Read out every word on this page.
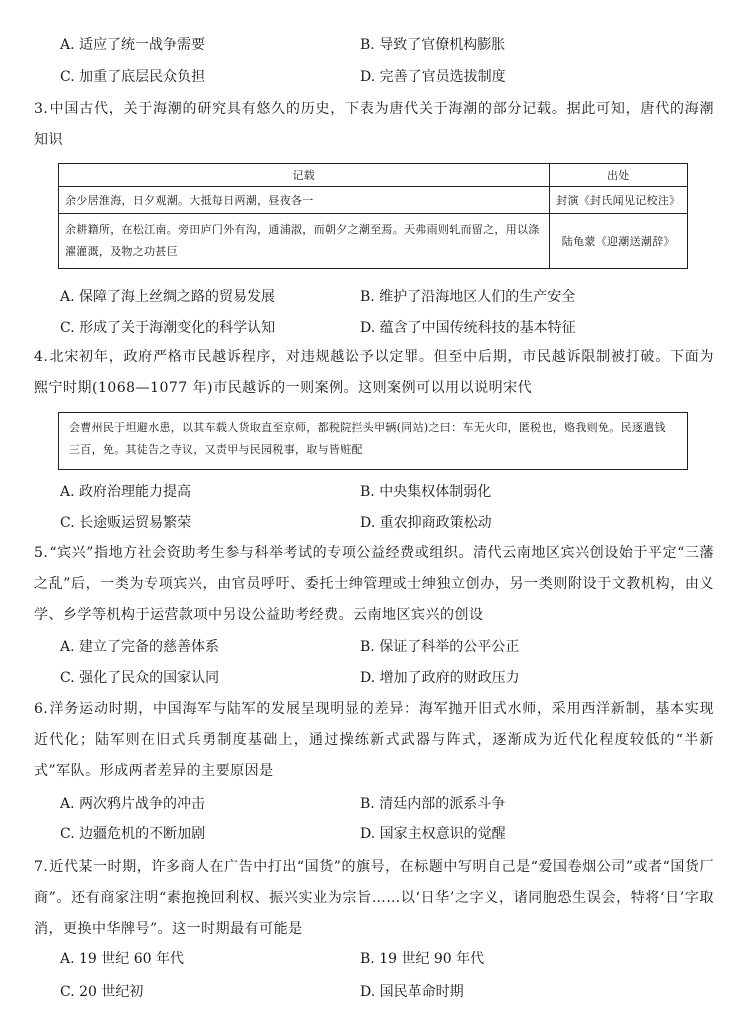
A. 适应了统一战争需要	B. 导致了官僚机构膨胀
C. 加重了底层民众负担	D. 完善了官员选拔制度
3.中国古代，关于海潮的研究具有悠久的历史，下表为唐代关于海潮的部分记载。据此可知，唐代的海潮知识
记载	出处
余少居淮海，日夕观潮。大抵每日两潮，昼夜各一	封演《封氏闻见记校注》
余耕籍所，在松江南。旁田庐门外有沟，通浦淑，而朝夕之潮至焉。天弗雨则轧而留之，用以涤濯灌溉，及物之功甚巨	陆龟蒙《迎潮送潮辞》
A. 保障了海上丝绸之路的贸易发展	B. 维护了沿海地区人们的生产安全
C. 形成了关于海潮变化的科学认知	D. 蕴含了中国传统科技的基本特征
4.北宋初年，政府严格市民越诉程序，对违规越讼予以定罪。但至中后期，市民越诉限制被打破。下面为熙宁时期(1068—1077 年)市民越诉的一则案例。这则案例可以用以说明宋代
会曹州民于坦避水患，以其车载人货取直至京师，都税院拦头甲辆(同站)之曰：车无火印，匿税也，赂我则免。民逐遣钱三百，免。其徒告之寺议，又责甲与民园税事，取与皆赃配
A. 政府治理能力提高	B. 中央集权体制弱化
C. 长途贩运贸易繁荣	D. 重农抑商政策松动
5.“宾兴”指地方社会资助考生参与科举考试的专项公益经费或组织。清代云南地区宾兴创设始于平定“三藩之乱”后，一类为专项宾兴，由官员呼吁、委托士绅管理或士绅独立创办，另一类则附设于文教机构，由义学、乡学等机构于运营款项中另设公益助考经费。云南地区宾兴的创设
A. 建立了完备的慈善体系	B. 保证了科举的公平公正
C. 强化了民众的国家认同	D. 增加了政府的财政压力
6.洋务运动时期，中国海军与陆军的发展呈现明显的差异：海军抛开旧式水师，采用西洋新制，基本实现近代化；陆军则在旧式兵勇制度基础上，通过操练新式武器与阵式，逐渐成为近代化程度较低的“半新式”军队。形成两者差异的主要原因是
A. 两次鸦片战争的冲击	B. 清廷内部的派系斗争
C. 边疆危机的不断加剧	D. 国家主权意识的觉醒
7.近代某一时期，许多商人在广告中打出“国货”的旗号，在标题中写明自己是“爱国卷烟公司”或者“国货厂商”。还有商家注明“素抱挽回利权、振兴实业为宗旨……以‘日华’之字义，诸同胞恐生误会，特将‘日’字取消，更换中华牌号”。这一时期最有可能是
A. 19 世纪 60 年代	B. 19 世纪 90 年代
C. 20 世纪初	D. 国民革命时期
